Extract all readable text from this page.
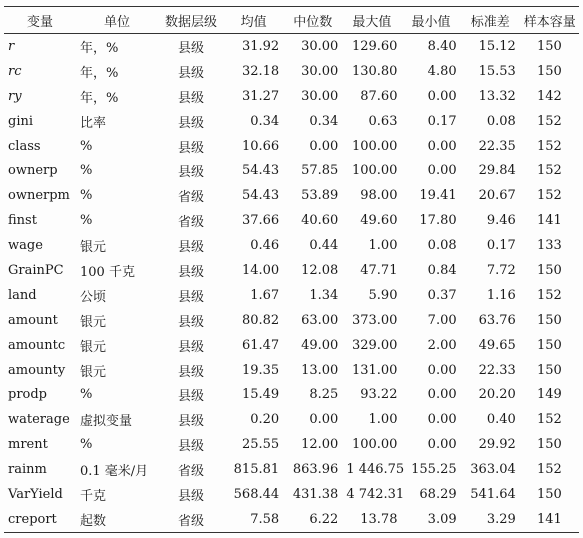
变量	单位	数据层级	均值	中位数	最大值	最小值	标准差	样本容量
r	年，%	县级	31.92	30.00	129.60	8.40	15.12	150
rc	年，%	县级	32.18	30.00	130.80	4.80	15.53	150
ry	年，%	县级	31.27	30.00	87.60	0.00	13.32	142
gini	比率	县级	0.34	0.34	0.63	0.17	0.08	152
class	%	县级	10.66	0.00	100.00	0.00	22.35	152
ownerp	%	县级	54.43	57.85	100.00	0.00	29.84	152
ownerpm	%	省级	54.43	53.89	98.00	19.41	20.67	152
finst	%	省级	37.66	40.60	49.60	17.80	9.46	141
wage	银元	县级	0.46	0.44	1.00	0.08	0.17	133
GrainPC	100 千克	县级	14.00	12.08	47.71	0.84	7.72	150
land	公顷	县级	1.67	1.34	5.90	0.37	1.16	152
amount	银元	县级	80.82	63.00	373.00	7.00	63.76	150
amountc	银元	县级	61.47	49.00	329.00	2.00	49.65	150
amounty	银元	县级	19.35	13.00	131.00	0.00	22.33	150
prodp	%	县级	15.49	8.25	93.22	0.00	20.20	149
waterage	虚拟变量	县级	0.20	0.00	1.00	0.00	0.40	152
mrent	%	县级	25.55	12.00	100.00	0.00	29.92	150
rainm	0.1 毫米/月	省级	815.81	863.96	1 446.75	155.25	363.04	152
VarYield	千克	县级	568.44	431.38	4 742.31	68.29	541.64	150
creport	起数	省级	7.58	6.22	13.78	3.09	3.29	141
